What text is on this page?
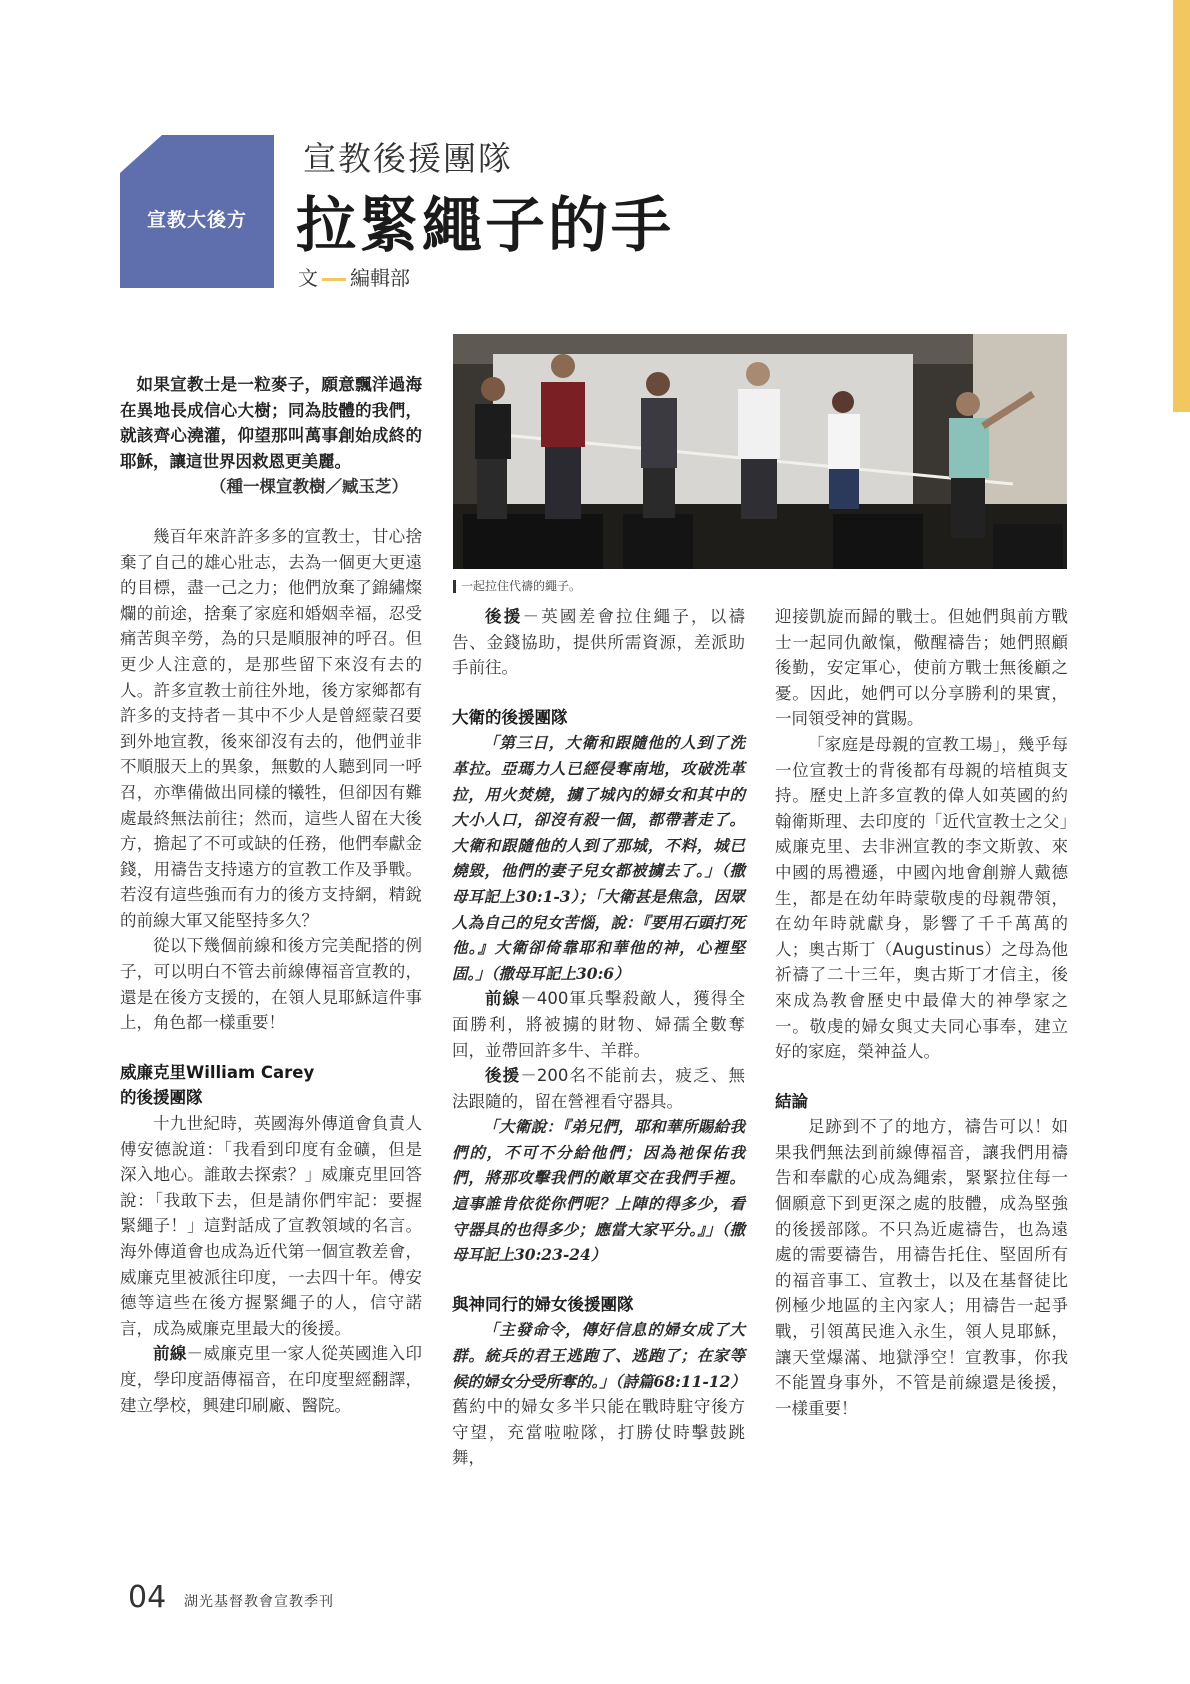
宣教大後方
宣教後援團隊
拉緊繩子的手
文 編輯部

如果宣教士是一粒麥子，願意飄洋過海在異地長成信心大樹；同為肢體的我們，就該齊心澆灌，仰望那叫萬事創始成終的耶穌，讓這世界因救恩更美麗。

（種一棵宣教樹／臧玉芝）

幾百年來許許多多的宣教士，甘心捨棄了自己的雄心壯志，去為一個更大更遠的目標，盡一己之力；他們放棄了錦繡燦爛的前途，捨棄了家庭和婚姻幸福，忍受痛苦與辛勞，為的只是順服神的呼召。但更少人注意的，是那些留下來沒有去的人。許多宣教士前往外地，後方家鄉都有許多的支持者－其中不少人是曾經蒙召要到外地宣教，後來卻沒有去的，他們並非不順服天上的異象，無數的人聽到同一呼召，亦準備做出同樣的犧牲，但卻因有難處最終無法前往；然而，這些人留在大後方，擔起了不可或缺的任務，他們奉獻金錢，用禱告支持遠方的宣教工作及爭戰。若沒有這些強而有力的後方支持網，精銳的前線大軍又能堅持多久？

從以下幾個前線和後方完美配搭的例子，可以明白不管去前線傳福音宣教的，還是在後方支援的，在領人見耶穌這件事上，角色都一樣重要！

威廉克里William Carey
的後援團隊

十九世紀時，英國海外傳道會負責人傅安德說道：「我看到印度有金礦，但是深入地心。誰敢去探索？」威廉克里回答說：「我敢下去，但是請你們牢記：要握緊繩子！」這對話成了宣教領域的名言。海外傳道會也成為近代第一個宣教差會，威廉克里被派往印度，一去四十年。傅安德等這些在後方握緊繩子的人，信守諾言，成為威廉克里最大的後援。

前線－威廉克里一家人從英國進入印度，學印度語傳福音，在印度聖經翻譯，建立學校，興建印刷廠、醫院。

一起拉住代禱的繩子。

後援－英國差會拉住繩子，以禱告、金錢協助，提供所需資源，差派助手前往。

大衛的後援團隊

「第三日，大衛和跟隨他的人到了洗革拉。亞瑪力人已經侵奪南地，攻破洗革拉，用火焚燒，擄了城內的婦女和其中的大小人口，卻沒有殺一個，都帶著走了。大衛和跟隨他的人到了那城，不料，城已燒毀，他們的妻子兒女都被擄去了。」（撒母耳記上30:1-3）；「大衛甚是焦急，因眾人為自己的兒女苦惱，說：『要用石頭打死他。』大衛卻倚靠耶和華他的神，心裡堅固。」（撒母耳記上30:6）

前線－400軍兵擊殺敵人，獲得全面勝利，將被擄的財物、婦孺全數奪回，並帶回許多牛、羊群。

後援－200名不能前去，疲乏、無法跟隨的，留在營裡看守器具。

「大衛說：『弟兄們，耶和華所賜給我們的，不可不分給他們；因為祂保佑我們，將那攻擊我們的敵軍交在我們手裡。這事誰肯依從你們呢？上陣的得多少，看守器具的也得多少；應當大家平分。』」（撒母耳記上30:23-24）

與神同行的婦女後援團隊

「主發命令，傳好信息的婦女成了大群。統兵的君王逃跑了、逃跑了；在家等候的婦女分受所奪的。」（詩篇68:11-12）

舊約中的婦女多半只能在戰時駐守後方守望，充當啦啦隊，打勝仗時擊鼓跳舞，

迎接凱旋而歸的戰士。但她們與前方戰士一起同仇敵愾，儆醒禱告；她們照顧後勤，安定軍心，使前方戰士無後顧之憂。因此，她們可以分享勝利的果實，一同領受神的賞賜。

「家庭是母親的宣教工場」，幾乎每一位宣教士的背後都有母親的培植與支持。歷史上許多宣教的偉人如英國的約翰衛斯理、去印度的「近代宣教士之父」威廉克里、去非洲宣教的李文斯敦、來中國的馬禮遜，中國內地會創辦人戴德生，都是在幼年時蒙敬虔的母親帶領，在幼年時就獻身，影響了千千萬萬的人；奧古斯丁（Augustinus）之母為他祈禱了二十三年，奧古斯丁才信主，後來成為教會歷史中最偉大的神學家之一。敬虔的婦女與丈夫同心事奉，建立好的家庭，榮神益人。

結論

足跡到不了的地方，禱告可以！如果我們無法到前線傳福音，讓我們用禱告和奉獻的心成為繩索，緊緊拉住每一個願意下到更深之處的肢體，成為堅強的後援部隊。不只為近處禱告，也為遠處的需要禱告，用禱告托住、堅固所有的福音事工、宣教士，以及在基督徒比例極少地區的主內家人；用禱告一起爭戰，引領萬民進入永生，領人見耶穌，讓天堂爆滿、地獄淨空！宣教事，你我不能置身事外，不管是前線還是後援，一樣重要！

04 湖光基督教會宣教季刊
